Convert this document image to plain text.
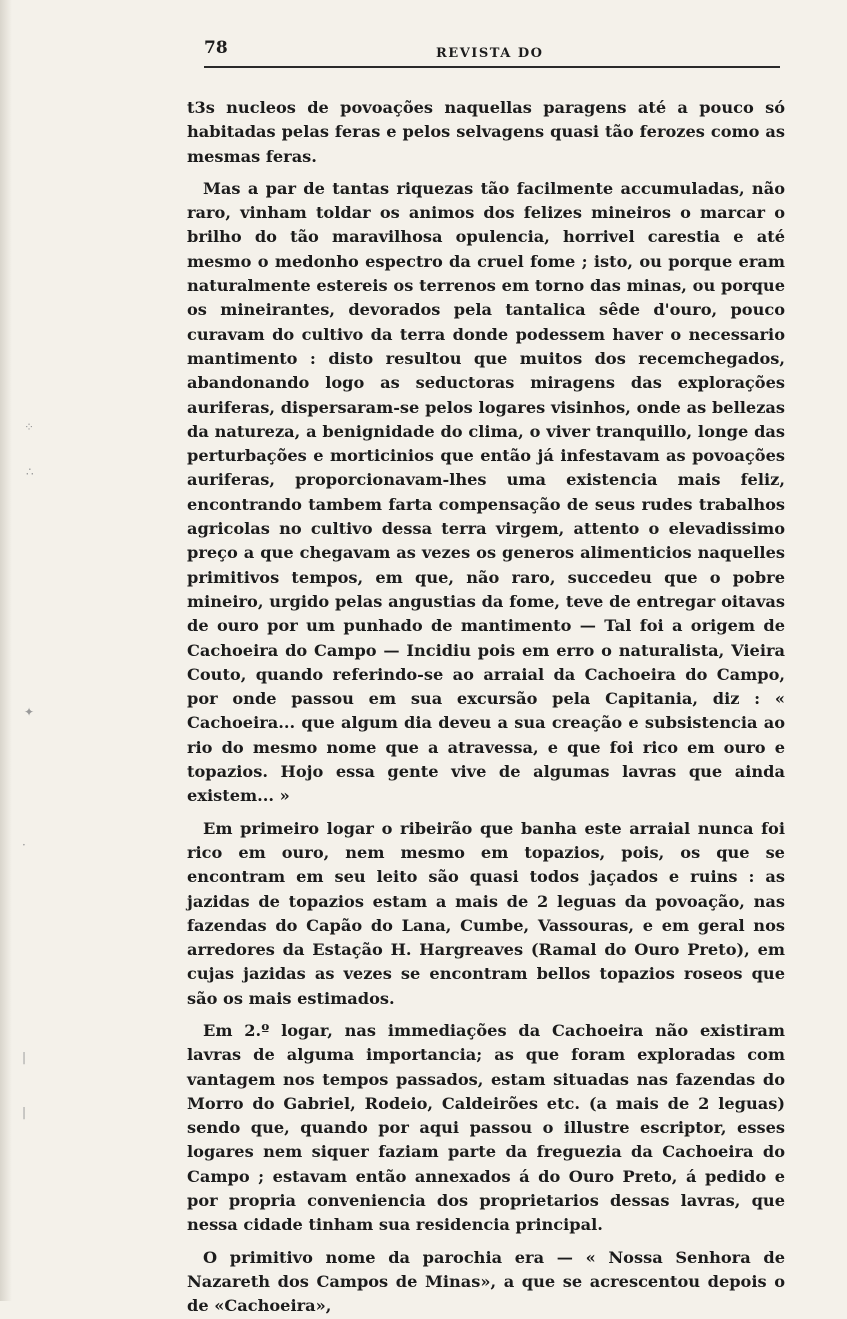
78	REVISTA DO
⁘
∴
✦
·
|
|

t3s nucleos de povoações naquellas paragens até a pouco só habitadas pelas feras e pelos selvagens quasi tão ferozes como as mesmas feras.

Mas a par de tantas riquezas tão facilmente accumuladas, não raro, vinham toldar os animos dos felizes mineiros o marcar o brilho do tão maravilhosa opulencia, horrivel carestia e até mesmo o medonho espectro da cruel fome ; isto, ou porque eram naturalmente estereis os terrenos em torno das minas, ou porque os mineirantes, devorados pela tantalica sêde d'ouro, pouco curavam do cultivo da terra donde podessem haver o necessario mantimento : disto resultou que muitos dos recemchegados, abandonando logo as seductoras miragens das explorações auriferas, dispersaram-se pelos logares visinhos, onde as bellezas da natureza, a benignidade do clima, o viver tranquillo, longe das perturbações e morticinios que então já infestavam as povoações auriferas, proporcionavam-lhes uma existencia mais feliz, encontrando tambem farta compensação de seus rudes trabalhos agricolas no cultivo dessa terra virgem, attento o elevadissimo preço a que chegavam as vezes os generos alimenticios naquelles primitivos tempos, em que, não raro, succedeu que o pobre mineiro, urgido pelas angustias da fome, teve de entregar oitavas de ouro por um punhado de mantimento — Tal foi a origem de Cachoeira do Campo — Incidiu pois em erro o naturalista, Vieira Couto, quando referindo-se ao arraial da Cachoeira do Campo, por onde passou em sua excursão pela Capitania, diz : « Cachoeira... que algum dia deveu a sua creação e subsistencia ao rio do mesmo nome que a atravessa, e que foi rico em ouro e topazios. Hojo essa gente vive de algumas lavras que ainda existem... »

Em primeiro logar o ribeirão que banha este arraial nunca foi rico em ouro, nem mesmo em topazios, pois, os que se encontram em seu leito são quasi todos jaçados e ruins : as jazidas de topazios estam a mais de 2 leguas da povoação, nas fazendas do Capão do Lana, Cumbe, Vassouras, e em geral nos arredores da Estação H. Hargreaves (Ramal do Ouro Preto), em cujas jazidas as vezes se encontram bellos topazios roseos que são os mais estimados.

Em 2.º logar, nas immediações da Cachoeira não existiram lavras de alguma importancia; as que foram exploradas com vantagem nos tempos passados, estam situadas nas fazendas do Morro do Gabriel, Rodeio, Caldeirões etc. (a mais de 2 leguas) sendo que, quando por aqui passou o illustre escriptor, esses logares nem siquer faziam parte da freguezia da Cachoeira do Campo ; estavam então annexados á do Ouro Preto, á pedido e por propria conveniencia dos proprietarios dessas lavras, que nessa cidade tinham sua residencia principal.

O primitivo nome da parochia era — « Nossa Senhora de Nazareth dos Campos de Minas», a que se acrescentou depois o de «Cachoeira»,
